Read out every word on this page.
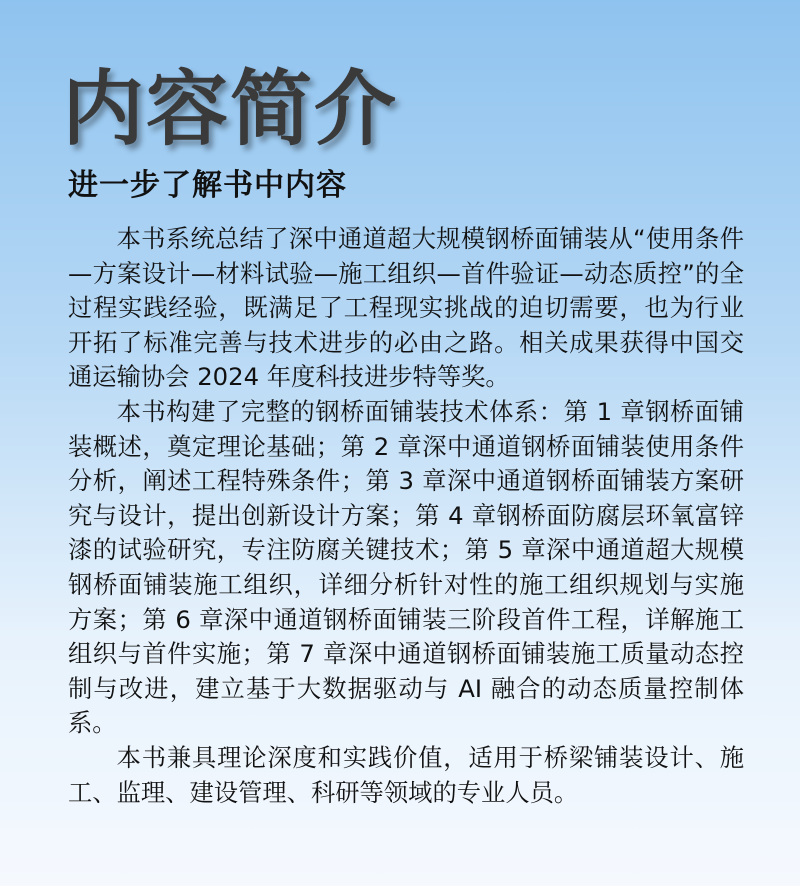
内容简介
进一步了解书中内容

本书系统总结了深中通道超大规模钢桥面铺装从“使用条件—方案设计—材料试验—施工组织—首件验证—动态质控”的全过程实践经验，既满足了工程现实挑战的迫切需要，也为行业开拓了标准完善与技术进步的必由之路。相关成果获得中国交通运输协会 2024 年度科技进步特等奖。

本书构建了完整的钢桥面铺装技术体系：第 1 章钢桥面铺装概述，奠定理论基础；第 2 章深中通道钢桥面铺装使用条件分析，阐述工程特殊条件；第 3 章深中通道钢桥面铺装方案研究与设计，提出创新设计方案；第 4 章钢桥面防腐层环氧富锌漆的试验研究，专注防腐关键技术；第 5 章深中通道超大规模钢桥面铺装施工组织，详细分析针对性的施工组织规划与实施方案；第 6 章深中通道钢桥面铺装三阶段首件工程，详解施工组织与首件实施；第 7 章深中通道钢桥面铺装施工质量动态控制与改进，建立基于大数据驱动与 AI 融合的动态质量控制体系。

本书兼具理论深度和实践价值，适用于桥梁铺装设计、施工、监理、建设管理、科研等领域的专业人员。
